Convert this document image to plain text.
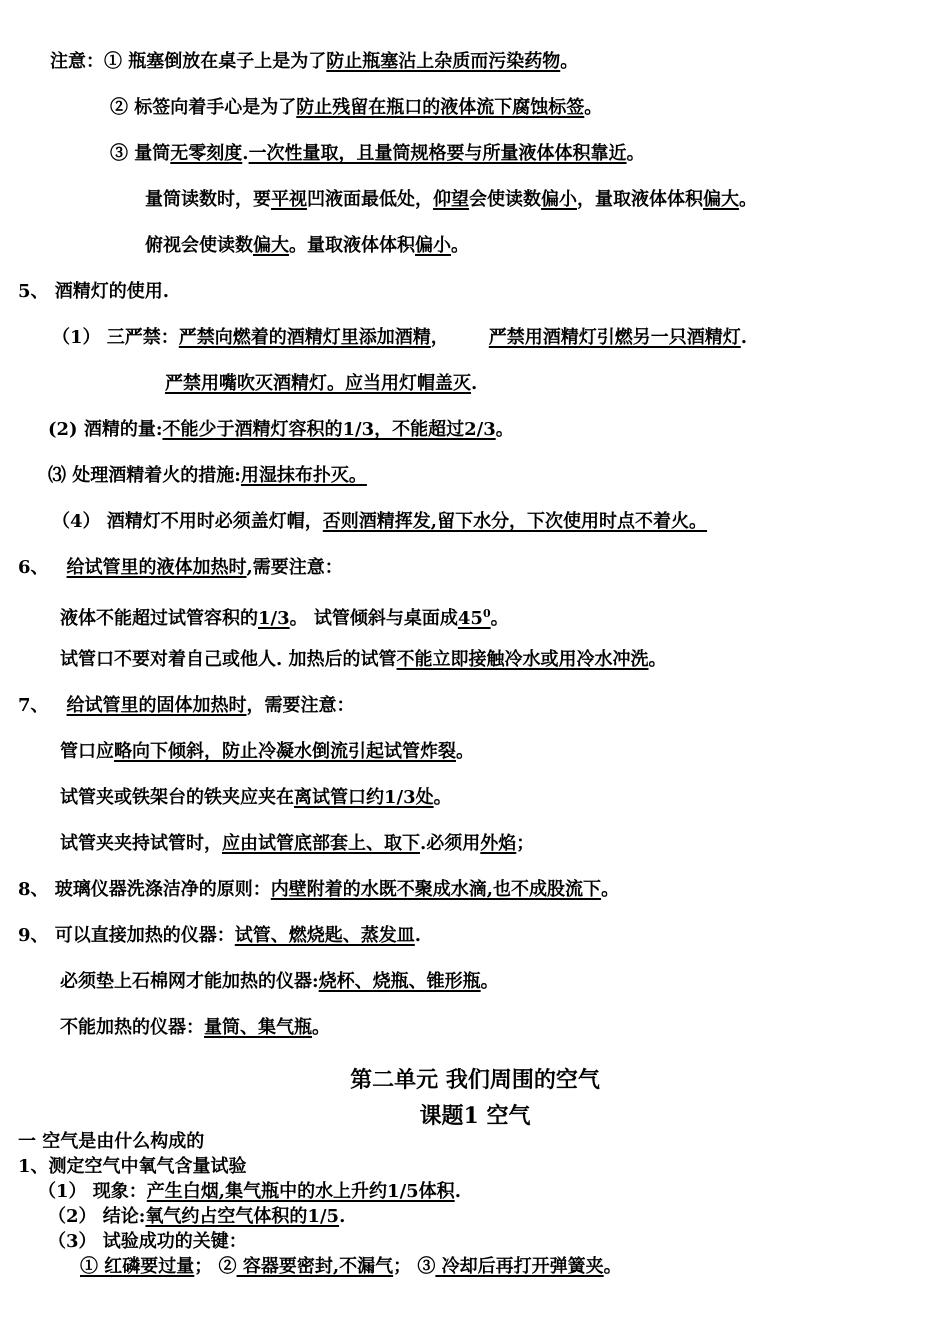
注意：① 瓶塞倒放在桌子上是为了防止瓶塞沾上杂质而污染药物。
② 标签向着手心是为了防止残留在瓶口的液体流下腐蚀标签。
③ 量筒无零刻度.一次性量取，且量筒规格要与所量液体体积靠近。
量筒读数时，要平视凹液面最低处，仰望会使读数偏小，量取液体体积偏大。
俯视会使读数偏大。量取液体体积偏小。
5、 酒精灯的使用.
（1） 三严禁：严禁向燃着的酒精灯里添加酒精， 严禁用酒精灯引燃另一只酒精灯.
严禁用嘴吹灭酒精灯。应当用灯帽盖灭.
(2) 酒精的量:不能少于酒精灯容积的1/3，不能超过2/3。
⑶ 处理酒精着火的措施:用湿抹布扑灭。
（4） 酒精灯不用时必须盖灯帽，否则酒精挥发,留下水分，下次使用时点不着火。
6、 给试管里的液体加热时,需要注意：
液体不能超过试管容积的1/3。 试管倾斜与桌面成$45^0$。
试管口不要对着自己或他人. 加热后的试管不能立即接触冷水或用冷水冲洗。
7、 给试管里的固体加热时，需要注意：
管口应略向下倾斜，防止冷凝水倒流引起试管炸裂。
试管夹或铁架台的铁夹应夹在离试管口约1/3处。
试管夹夹持试管时，应由试管底部套上、取下.必须用外焰；
8、 玻璃仪器洗涤洁净的原则：内壁附着的水既不聚成水滴,也不成股流下。
9、 可以直接加热的仪器：试管、燃烧匙、蒸发皿.
必须垫上石棉网才能加热的仪器:烧杯、烧瓶、锥形瓶。
不能加热的仪器：量筒、集气瓶。
第二单元 我们周围的空气
课题1 空气
一 空气是由什么构成的
1、测定空气中氧气含量试验
（1） 现象：产生白烟,集气瓶中的水上升约1/5体积.
（2） 结论:氧气约占空气体积的1/5.
（3） 试验成功的关键：
① 红磷要过量； ② 容器要密封,不漏气； ③ 冷却后再打开弹簧夹。
